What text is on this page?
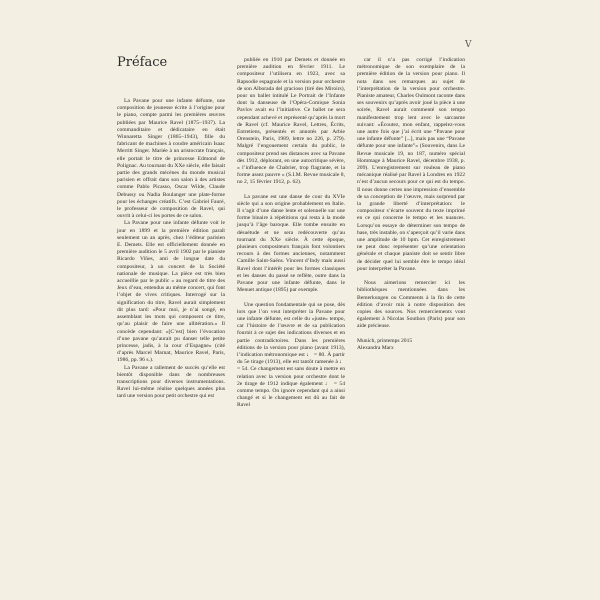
V
Préface

La Pavane pour une infante défunte, une composition de jeunesse écrite à l’origine pour le piano, compte parmi les premières œuvres publiées par Maurice Ravel (1875–1937). La commanditaire et dédicataire en était Winnaretta Singer (1865–1943), fille du fabricant de machines à coudre américain Isaac Merritt Singer. Mariée à un aristocrate français, elle portait le titre de princesse Edmond de Polignac. Au tournant du XXe siècle, elle faisait partie des grands mécènes du monde musical parisien et offrait dans son salon à des artistes comme Pablo Picasso, Oscar Wilde, Claude Debussy ou Nadia Boulanger une plate-forme pour les échanges créatifs. C’est Gabriel Fauré, le professeur de composition de Ravel, qui ouvrit à celui-ci les portes de ce salon.

La Pavane pour une infante défunte voit le jour en 1899 et la première édition paraît seulement un an après, chez l’éditeur parisien E. Demets. Elle est officiellement donnée en première audition le 5 avril 1902 par le pianiste Ricardo Viñes, ami de longue date du compositeur, à un concert de la Société nationale de musique. La pièce est très bien accueillie par le public « au regard de titre des Jeux d’eau, entendus au même concert, qui font l’objet de vives critiques. Interrogé sur la signification du titre, Ravel aurait simplement dit plus tard: «Pour moi, je n’ai songé, en assemblant les mots qui composent ce titre, qu’au plaisir de faire une allitération.» Il concède cependant: «[C’est] bien l’évocation d’une pavane qu’aurait pu danser telle petite princesse, jadis, à la cour d’Espagne» (cité d’après Marcel Marnat, Maurice Ravel, Paris, 1986, pp. 96 s.).

La Pavane a rallement de succès qu’elle est bientôt disponible dans de nombreuses transcriptions pour diverses instrumentations. Ravel lui-même réalise quelques années plus tard une version pour petit orchestre qui est

publiée en 1910 par Demets et donnée en première audition en février 1911. Le compositeur l’utilisera en 1923, avec sa Rapsodie espagnole et la version pour orchestre de son Alborada del gracioso (tiré des Miroirs), pour un ballet intitulé Le Portrait de l’Infante dont la danseuse de l’Opéra-Comique Sonia Pavlov avait eu l’initiative. Ce ballet ne sera cependant achevé et représenté qu’après la mort de Ravel (cf. Maurice Ravel, Lettres, Écrits, Entretiens, présentés et annotés par Arbie Orenstein, Paris, 1989, lettre no 226, p. 279). Malgré l’engouement certain du public, le compositeur prend ses distances avec sa Pavane dès 1912, déplorant, en une autocritique sévère, « l’influence de Chabrier, trop flagrante, et la forme assez pauvre » (S.I.M. Revue musicale 8, no 2, 15 février 1912, p. 62).

La pavane est une danse de cour du XVIe siècle qui a son origine probablement en Italie. Il s’agit d’une danse lente et solennelle sur une forme binaire à répétitions qui resta à la mode jusqu’à l’âge baroque. Elle tombe ensuite en désuétude et ne sera redécouverte qu’au tournant du XXe siècle. À cette époque, plusieurs compositeurs français font volontiers recours à des formes anciennes, notamment Camille Saint-Saëns. Vincent d’Indy mais aussi Ravel dont l’intérêt pour les formes classiques et les danses du passé se reflète, outre dans la Pavane pour une infante défunte, dans le Menuet antique (1895) par exemple.

Une question fondamentale qui se pose, dès lors que l’on veut interpréter la Pavane pour une infante défunte, est celle du «juste» tempo, car l’histoire de l’œuvre et de sa publication fournit à ce sujet des indications diverses et en partie contradictoires. Dans les premières éditions de la version pour piano (avant 1913), l’indication métronomique est ♩ = 80. À partir du 5e tirage (1913), elle est tantôt ramenée à ♩ = 54. Ce changement est sans doute à mettre en relation avec la version pour orchestre dont le 2e tirage de 1912 indique également ♩ = 54 comme tempo. On ignore cependant qui a ainsi changé et si le changement est dû au fait de Ravel

car il n’a pas corrigé l’indication métronomique de son exemplaire de la première édition de la version pour piano. Il nota dans ses remarques au sujet de l’interprétation de la version pour orchestre. Pianiste amateur, Charles Oulmont raconte dans ses souvenirs qu’après avoir joué la pièce à une soirée, Ravel aurait commenté son tempo manifestement trop lent avec le sarcasme suivant: «Écoutez, mon enfant, rappelez-vous une autre fois que j’ai écrit une “Pavane pour une infante défunte” [...], mais pas une “Pavane défunte pour une infante”» (Souvenirs, dans Le Revue musicale 19, no 187, numéro spécial Hommage à Maurice Ravel, décembre 1938, p. 209). L’enregistrement sur rouleau de piano mécanique réalisé par Ravel à Londres en 1922 n’est d’aucun secours pour ce qui est du tempo. Il nous donne certes une impression d’ensemble de sa conception de l’œuvre, mais surprend par la grande liberté d’interprétation: le compositeur s’écarte souvent du texte imprimé en ce qui concerne le tempo et les nuances. Lorsqu’on essaye de déterminer son tempo de base, très instable, on s’aperçoit qu’il varie dans une amplitude de 10 bpm. Cet enregistrement ne peut donc représenter qu’une orientation générale et chaque pianiste doit se sentir libre de décider quel lui semble être le tempo idéal pour interpréter la Pavane.

Nous aimerions remercier ici les bibliothèques mentionnées dans les Bemerkungen ou Comments à la fin de cette édition d’avoir mis à notre disposition des copies des sources. Nos remerciements vont également à Nicolas Southon (Paris) pour son aide précieuse.

Munich, printemps 2015

Alexandra Marx
